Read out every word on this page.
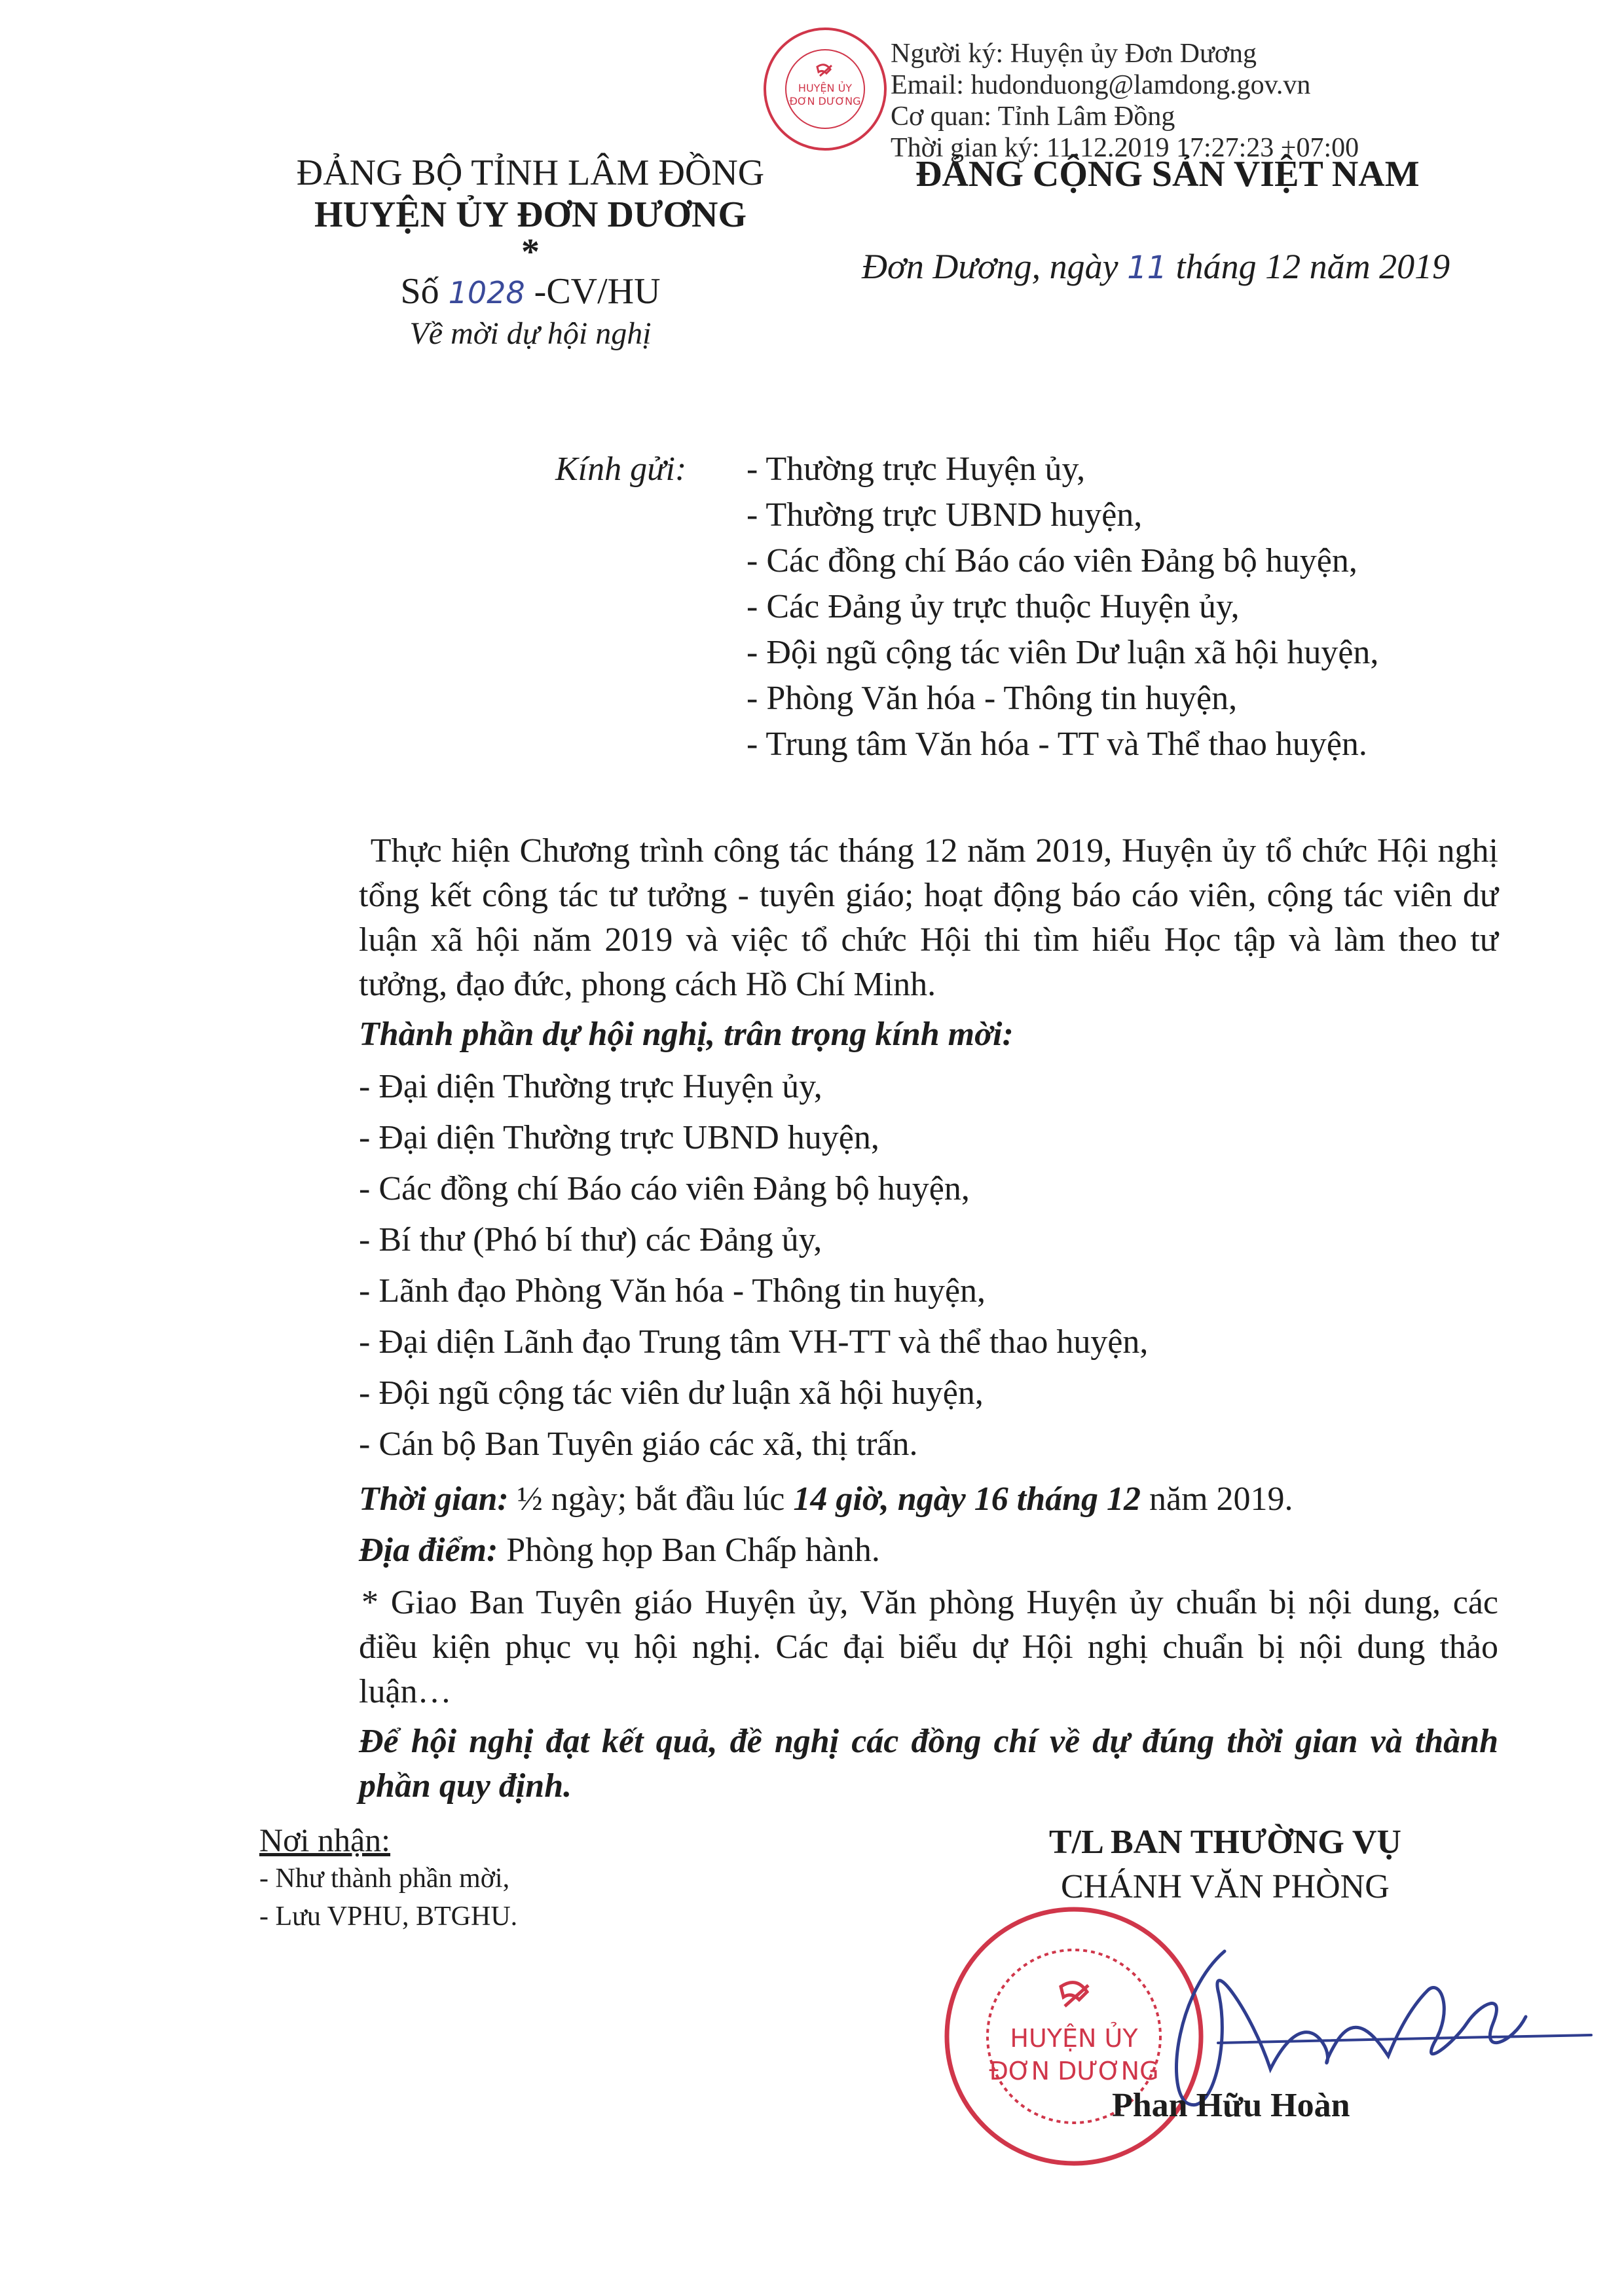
HUYỆN ỦY
ĐƠN DƯƠNG
Người ký: Huyện ủy Đơn Dương
Email: hudonduong@lamdong.gov.vn
Cơ quan: Tỉnh Lâm Đồng
Thời gian ký: 11.12.2019 17:27:23 +07:00
ĐẢNG BỘ TỈNH LÂM ĐỒNG
HUYỆN ỦY ĐƠN DƯƠNG
*
Số 1028 -CV/HU
Về mời dự hội nghị
ĐẢNG CỘNG SẢN VIỆT NAM
Đơn Dương, ngày 11 tháng 12 năm 2019
Kính gửi: - Thường trực Huyện ủy,
- Thường trực UBND huyện,
- Các đồng chí Báo cáo viên Đảng bộ huyện,
- Các Đảng ủy trực thuộc Huyện ủy,
- Đội ngũ cộng tác viên Dư luận xã hội huyện,
- Phòng Văn hóa - Thông tin huyện,
- Trung tâm Văn hóa - TT và Thể thao huyện.
Thực hiện Chương trình công tác tháng 12 năm 2019, Huyện ủy tổ chức Hội nghị tổng kết công tác tư tưởng - tuyên giáo; hoạt động báo cáo viên, cộng tác viên dư luận xã hội năm 2019 và việc tổ chức Hội thi tìm hiểu Học tập và làm theo tư tưởng, đạo đức, phong cách Hồ Chí Minh.
Thành phần dự hội nghị, trân trọng kính mời:
- Đại diện Thường trực Huyện ủy,
- Đại diện Thường trực UBND huyện,
- Các đồng chí Báo cáo viên Đảng bộ huyện,
- Bí thư (Phó bí thư) các Đảng ủy,
- Lãnh đạo Phòng Văn hóa - Thông tin huyện,
- Đại diện Lãnh đạo Trung tâm VH-TT và thể thao huyện,
- Đội ngũ cộng tác viên dư luận xã hội huyện,
- Cán bộ Ban Tuyên giáo các xã, thị trấn.
Thời gian: ½ ngày; bắt đầu lúc 14 giờ, ngày 16 tháng 12 năm 2019.
Địa điểm: Phòng họp Ban Chấp hành.
* Giao Ban Tuyên giáo Huyện ủy, Văn phòng Huyện ủy chuẩn bị nội dung, các điều kiện phục vụ hội nghị. Các đại biểu dự Hội nghị chuẩn bị nội dung thảo luận…
Để hội nghị đạt kết quả, đề nghị các đồng chí về dự đúng thời gian và thành phần quy định.
Nơi nhận:
- Như thành phần mời,
- Lưu VPHU, BTGHU.
T/L BAN THƯỜNG VỤ
CHÁNH VĂN PHÒNG
HUYỆN ỦY
ĐƠN DƯƠNG
Phan Hữu Hoàn
